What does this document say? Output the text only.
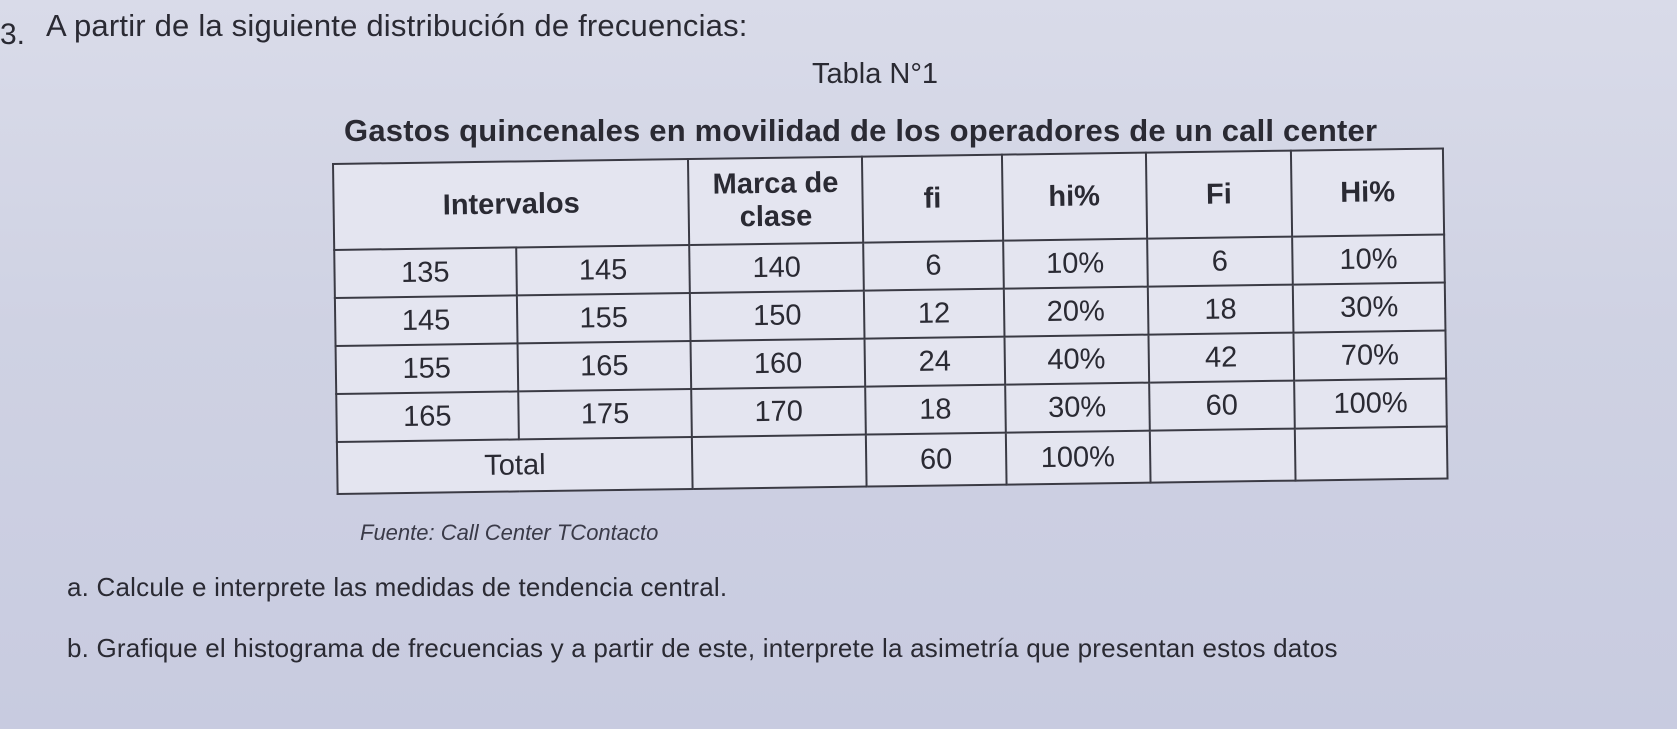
3. A partir de la siguiente distribución de frecuencias:
Tabla N°1
Gastos quincenales en movilidad de los operadores de un call center
Intervalos		Marca de clase	fi	hi%	Fi	Hi%
135	145	140	6	10%	6	10%
145	155	150	12	20%	18	30%
155	165	160	24	40%	42	70%
165	175	170	18	30%	60	100%
Total			60	100%		
Fuente: Call Center TContacto
a. Calcule e interprete las medidas de tendencia central.
b. Grafique el histograma de frecuencias y a partir de este, interprete la asimetría que presentan estos datos
